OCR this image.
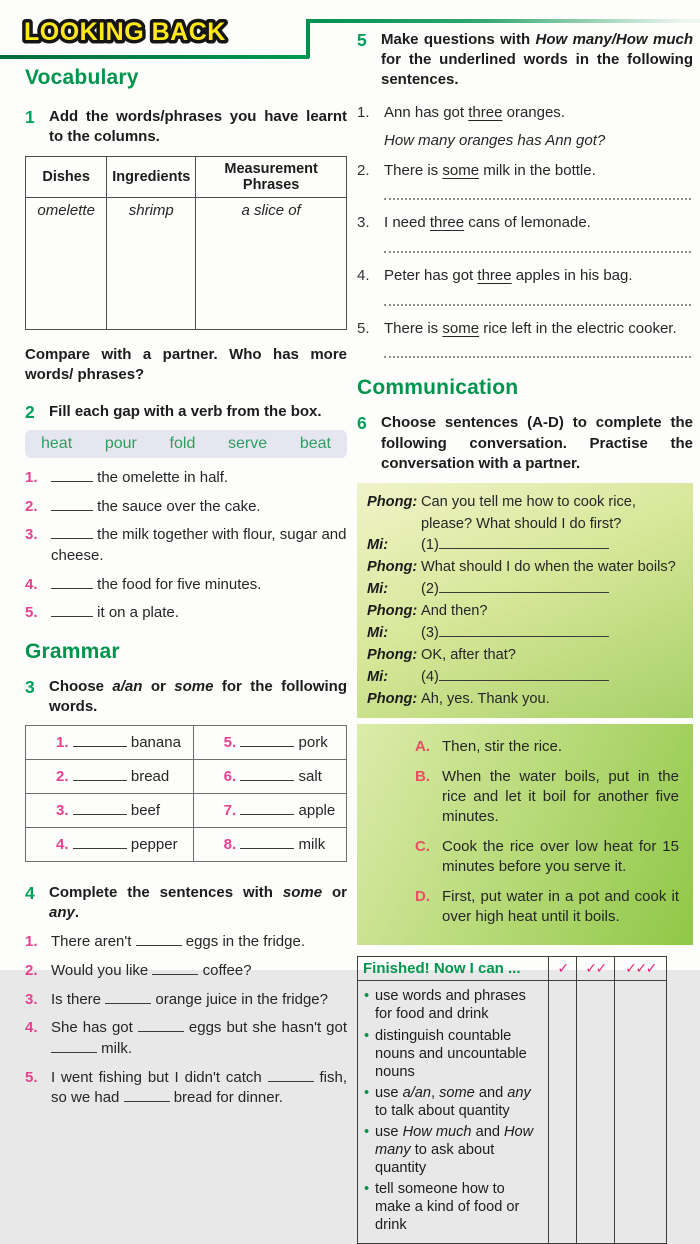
LOOKING BACK
Vocabulary
1 Add the words/phrases you have learnt to the columns.
Dishes	Ingredients	Measurement Phrases
omelette	shrimp	a slice of
Compare with a partner. Who has more words/ phrases?
2 Fill each gap with a verb from the box.
heat pour fold serve beat
1.	the omelette in half.
2.	the sauce over the cake.
3.	the milk together with flour, sugar and cheese.
4.	the food for five minutes.
5.	it on a plate.
Grammar
3 Choose a/an or some for the following words.
1. banana	5. pork
2. bread	6. salt
3. beef	7. apple
4. pepper	8. milk
4 Complete the sentences with some or any.
1. There aren't	eggs in the fridge.
2. Would you like	coffee?
3. Is there	orange juice in the fridge?
4. She has got	eggs but she hasn't got  milk.
5. I went fishing but I didn't catch	fish, so we had	bread for dinner.
5 Make questions with How many/How much for the underlined words in the following sentences.
1. Ann has got three oranges.
How many oranges has Ann got?
2. There is some milk in the bottle.
3. I need three cans of lemonade.
4. Peter has got three apples in his bag.
5. There is some rice left in the electric cooker.
Communication
6 Choose sentences (A-D) to complete the following conversation. Practise the conversation with a partner.
Phong: Can you tell me how to cook rice, please? What should I do first?
Mi:	(1)
Phong: What should I do when the water boils?
Mi:	(2)
Phong: And then?
Mi:	(3)
Phong: OK, after that?
Mi:	(4)
Phong: Ah, yes. Thank you.
A. Then, stir the rice.
B. When the water boils, put in the rice and let it boil for another five minutes.
C. Cook the rice over low heat for 15 minutes before you serve it.
D. First, put water in a pot and cook it over high heat until it boils.
Finished! Now I can ...	✓	✓✓	✓✓✓
• use words and phrases for food and drink
• distinguish countable nouns and uncountable nouns
• use a/an, some and any to talk about quantity
• use How much and How many to ask about quantity
• tell someone how to make a kind of food or drink
